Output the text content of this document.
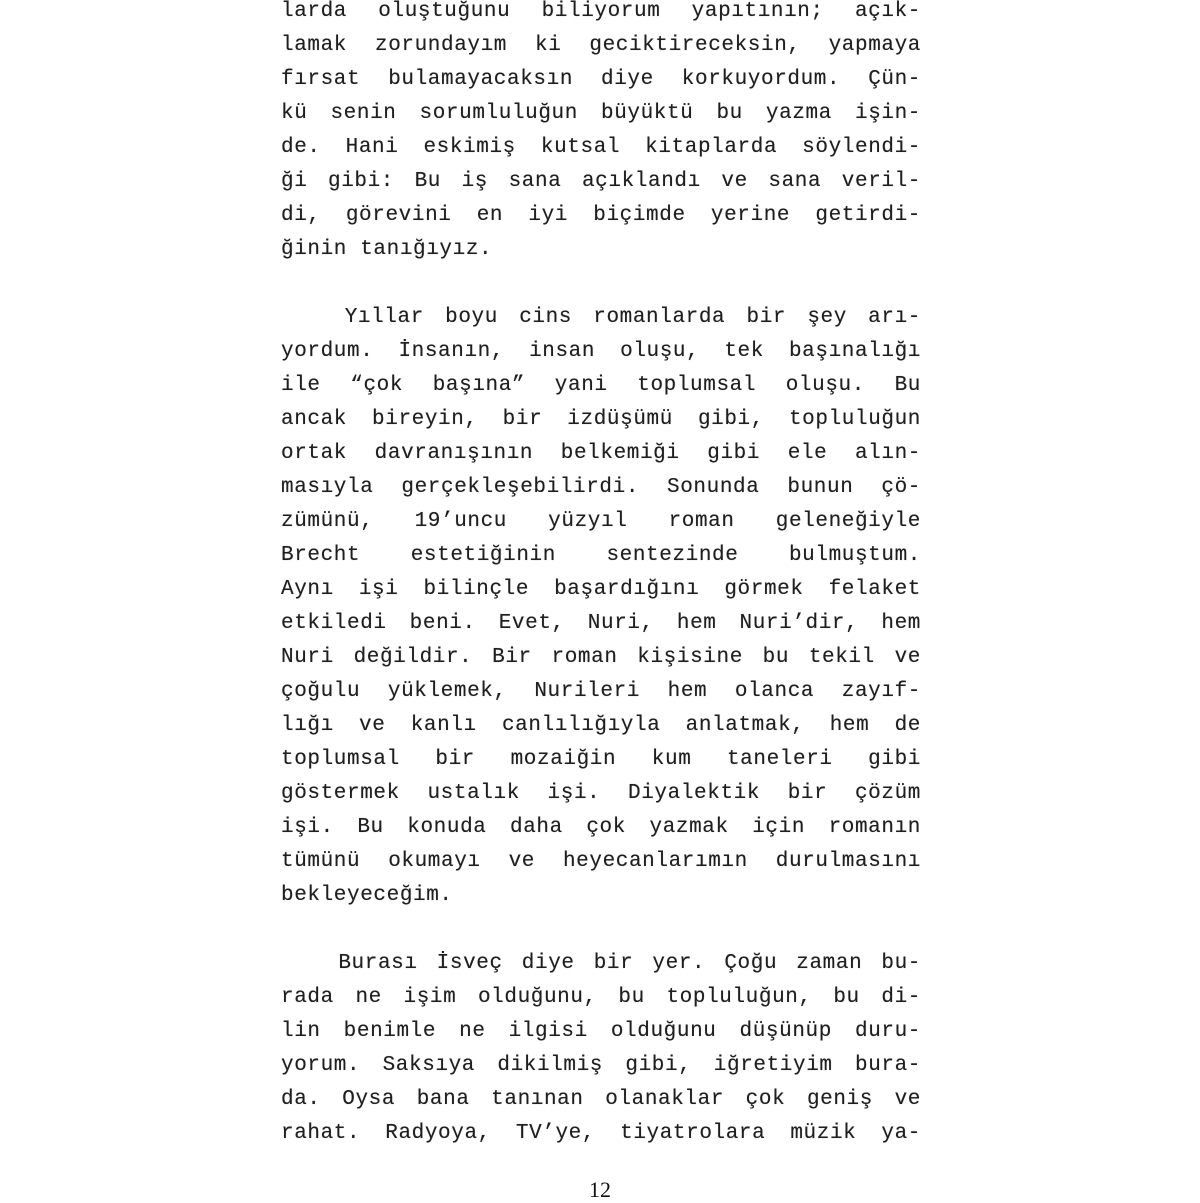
larda oluştuğunu biliyorum yapıtının; açık-
lamak zorundayım ki geciktireceksin, yapmaya
fırsat bulamayacaksın diye korkuyordum. Çün-
kü senin sorumluluğun büyüktü bu yazma işin-
de. Hani eskimiş kutsal kitaplarda söylendi-
ği gibi: Bu iş sana açıklandı ve sana veril-
di, görevini en iyi biçimde yerine getirdi-
ğinin tanığıyız.
Yıllar boyu cins romanlarda bir şey arı-
yordum. İnsanın, insan oluşu, tek başınalığı
ile “çok başına” yani toplumsal oluşu. Bu
ancak bireyin, bir izdüşümü gibi, topluluğun
ortak davranışının belkemiği gibi ele alın-
masıyla gerçekleşebilirdi. Sonunda bunun çö-
zümünü, 19’uncu yüzyıl roman geleneğiyle
Brecht estetiğinin sentezinde bulmuştum.
Aynı işi bilinçle başardığını görmek felaket
etkiledi beni. Evet, Nuri, hem Nuri’dir, hem
Nuri değildir. Bir roman kişisine bu tekil ve
çoğulu yüklemek, Nurileri hem olanca zayıf-
lığı ve kanlı canlılığıyla anlatmak, hem de
toplumsal bir mozaiğin kum taneleri gibi
göstermek ustalık işi. Diyalektik bir çözüm
işi. Bu konuda daha çok yazmak için romanın
tümünü okumayı ve heyecanlarımın durulmasını
bekleyeceğim.
Burası İsveç diye bir yer. Çoğu zaman bu-
rada ne işim olduğunu, bu topluluğun, bu di-
lin benimle ne ilgisi olduğunu düşünüp duru-
yorum. Saksıya dikilmiş gibi, iğretiyim bura-
da. Oysa bana tanınan olanaklar çok geniş ve
rahat. Radyoya, TV’ye, tiyatrolara müzik ya-
12
